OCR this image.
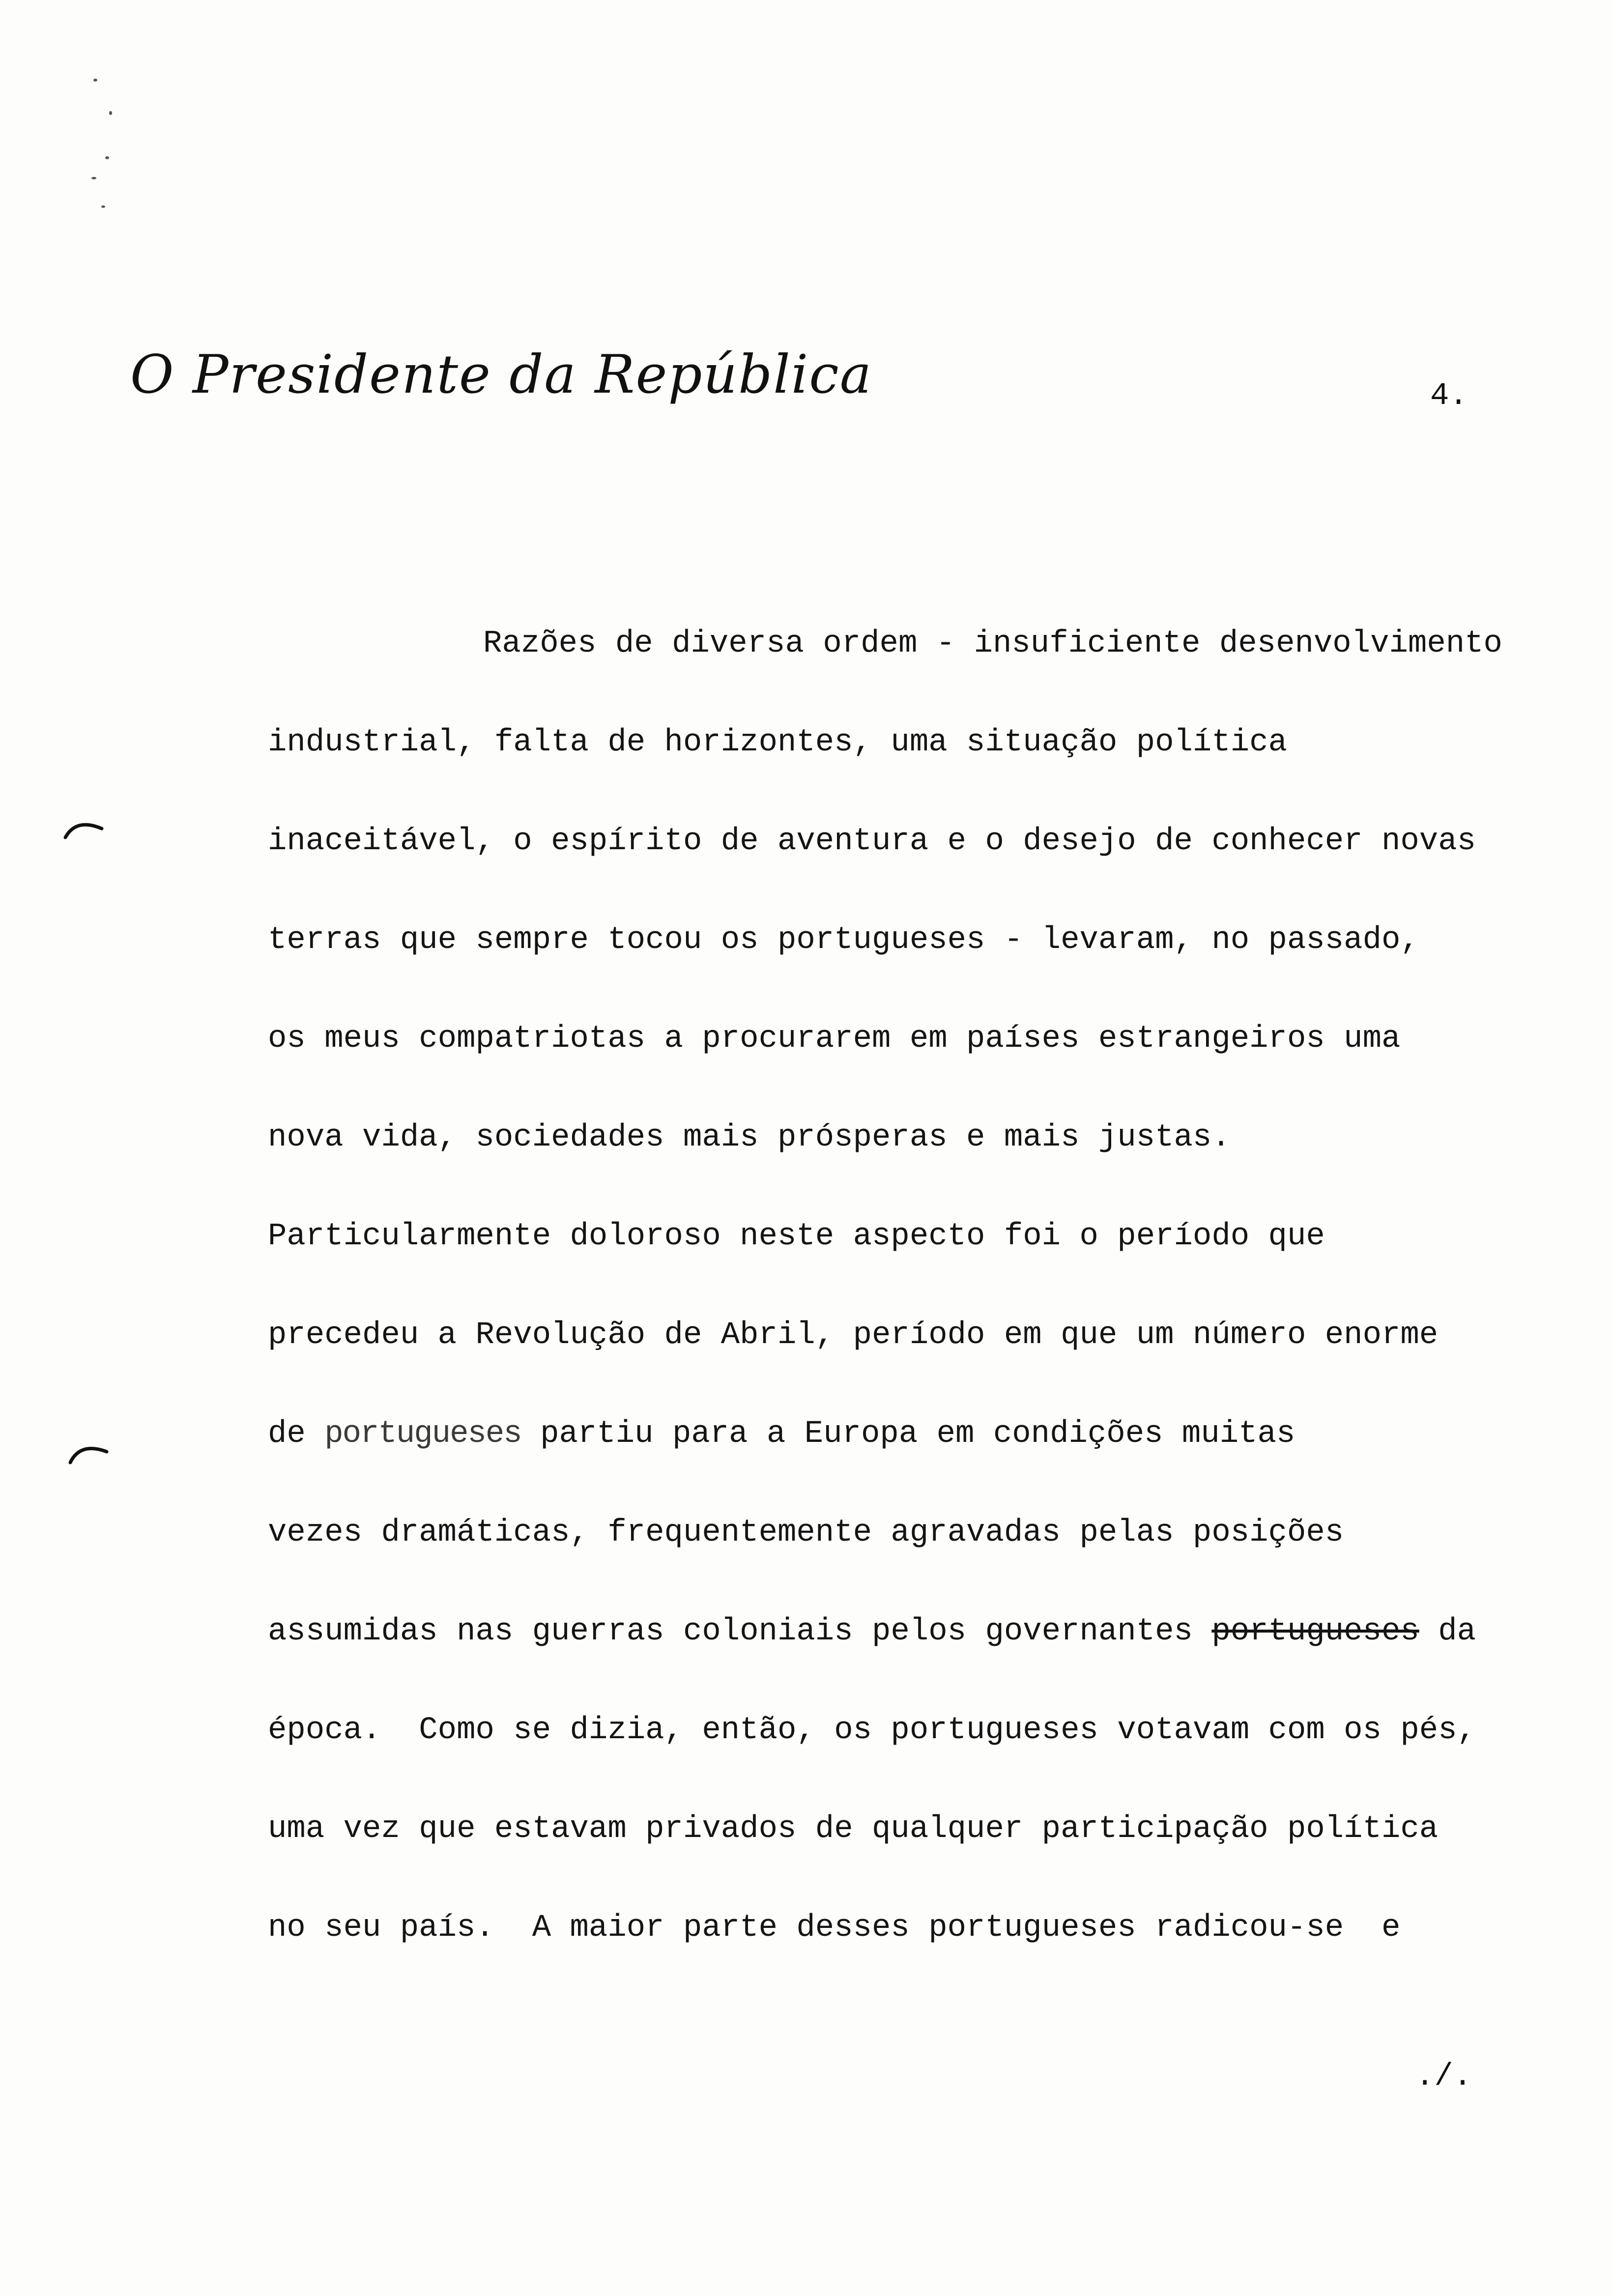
O Presidente da República	4.
Razões de diversa ordem - insuficiente desenvolvimento
industrial, falta de horizontes, uma situação política
inaceitável, o espírito de aventura e o desejo de conhecer novas
terras que sempre tocou os portugueses - levaram, no passado,
os meus compatriotas a procurarem em países estrangeiros uma
nova vida, sociedades mais prósperas e mais justas.
Particularmente doloroso neste aspecto foi o período que
precedeu a Revolução de Abril, período em que um número enorme
de portugueses partiu para a Europa em condições muitas
vezes dramáticas, frequentemente agravadas pelas posições
assumidas nas guerras coloniais pelos governantes portugueses da
época.  Como se dizia, então, os portugueses votavam com os pés,
uma vez que estavam privados de qualquer participação política
no seu país.  A maior parte desses portugueses radicou-se  e
./.
